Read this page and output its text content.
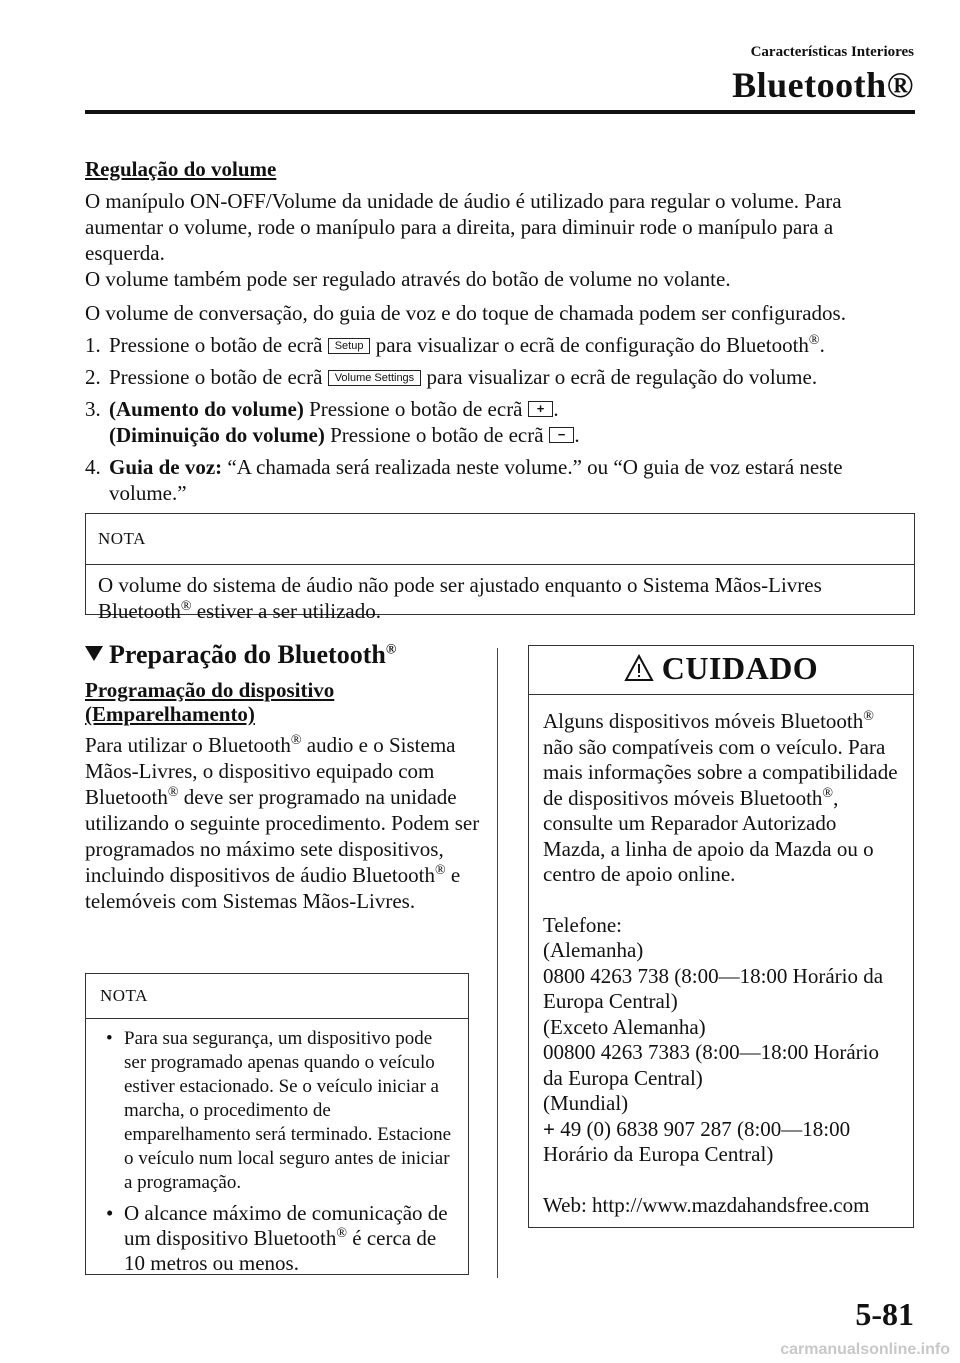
Características Interiores
Bluetooth®

Regulação do volume

O manípulo ON-OFF/Volume da unidade de áudio é utilizado para regular o volume. Para aumentar o volume, rode o manípulo para a direita, para diminuir rode o manípulo para a esquerda.

O volume também pode ser regulado através do botão de volume no volante.

O volume de conversação, do guia de voz e do toque de chamada podem ser configurados.

1. Pressione o botão de ecrã Setup para visualizar o ecrã de configuração do Bluetooth®.
2. Pressione o botão de ecrã Volume Settings para visualizar o ecrã de regulação do volume.
3. (Aumento do volume) Pressione o botão de ecrã + .
(Diminuição do volume) Pressione o botão de ecrã − .
4. Guia de voz: “A chamada será realizada neste volume.” ou “O guia de voz estará neste volume.”
NOTA
O volume do sistema de áudio não pode ser ajustado enquanto o Sistema Mãos-Livres Bluetooth® estiver a ser utilizado.
Preparação do Bluetooth®
Programação do dispositivo
(Emparelhamento)

Para utilizar o Bluetooth® audio e o Sistema Mãos-Livres, o dispositivo equipado com Bluetooth® deve ser programado na unidade utilizando o seguinte procedimento. Podem ser programados no máximo sete dispositivos, incluindo dispositivos de áudio Bluetooth® e telemóveis com Sistemas Mãos-Livres.

NOTA
• Para sua segurança, um dispositivo pode ser programado apenas quando o veículo estiver estacionado. Se o veículo iniciar a marcha, o procedimento de emparelhamento será terminado. Estacione o veículo num local seguro antes de iniciar a programação.
• O alcance máximo de comunicação de um dispositivo Bluetooth® é cerca de 10 metros ou menos.
CUIDADO

Alguns dispositivos móveis Bluetooth® não são compatíveis com o veículo. Para mais informações sobre a compatibilidade de dispositivos móveis Bluetooth®, consulte um Reparador Autorizado Mazda, a linha de apoio da Mazda ou o centro de apoio online.

Telefone:

(Alemanha)

0800 4263 738 (8:00—18:00 Horário da Europa Central)

(Exceto Alemanha)

00800 4263 7383 (8:00—18:00 Horário da Europa Central)

(Mundial)

+ 49 (0) 6838 907 287 (8:00—18:00 Horário da Europa Central)

Web: http://www.mazdahandsfree.com

5-81
carmanualsonline.info
